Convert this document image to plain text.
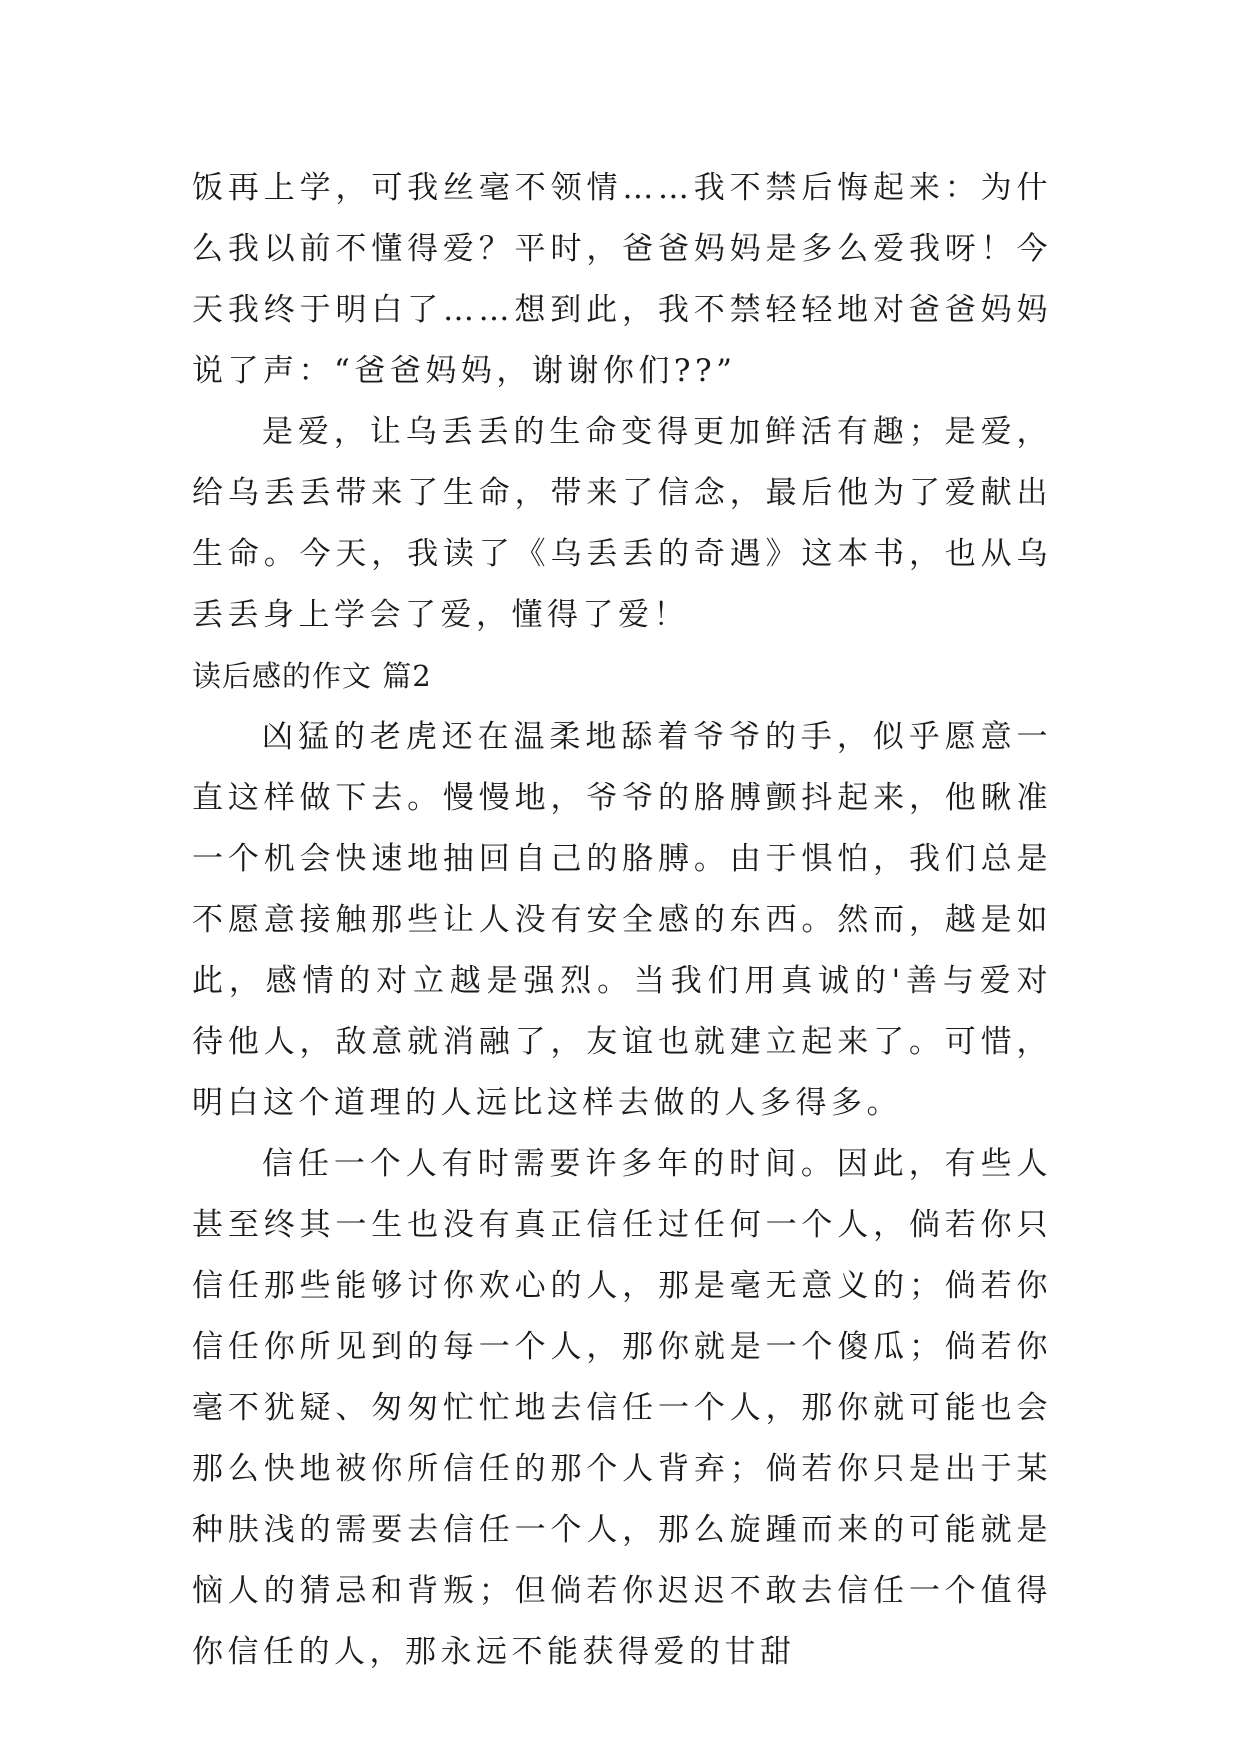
饭再上学，可我丝毫不领情……我不禁后悔起来：为什么我以前不懂得爱？平时，爸爸妈妈是多么爱我呀！今天我终于明白了……想到此，我不禁轻轻地对爸爸妈妈说了声：“爸爸妈妈，谢谢你们??”

是爱，让乌丢丢的生命变得更加鲜活有趣；是爱，给乌丢丢带来了生命，带来了信念，最后他为了爱献出生命。今天，我读了《乌丢丢的奇遇》这本书，也从乌丢丢身上学会了爱，懂得了爱！

读后感的作文 篇2

凶猛的老虎还在温柔地舔着爷爷的手，似乎愿意一直这样做下去。慢慢地，爷爷的胳膊颤抖起来，他瞅准一个机会快速地抽回自己的胳膊。由于惧怕，我们总是不愿意接触那些让人没有安全感的东西。然而，越是如此，感情的对立越是强烈。当我们用真诚的'善与爱对待他人，敌意就消融了，友谊也就建立起来了。可惜，明白这个道理的人远比这样去做的人多得多。

信任一个人有时需要许多年的时间。因此，有些人甚至终其一生也没有真正信任过任何一个人，倘若你只信任那些能够讨你欢心的人，那是毫无意义的；倘若你信任你所见到的每一个人，那你就是一个傻瓜；倘若你毫不犹疑、匆匆忙忙地去信任一个人，那你就可能也会那么快地被你所信任的那个人背弃；倘若你只是出于某种肤浅的需要去信任一个人，那么旋踵而来的可能就是恼人的猜忌和背叛；但倘若你迟迟不敢去信任一个值得你信任的人，那永远不能获得爱的甘甜
